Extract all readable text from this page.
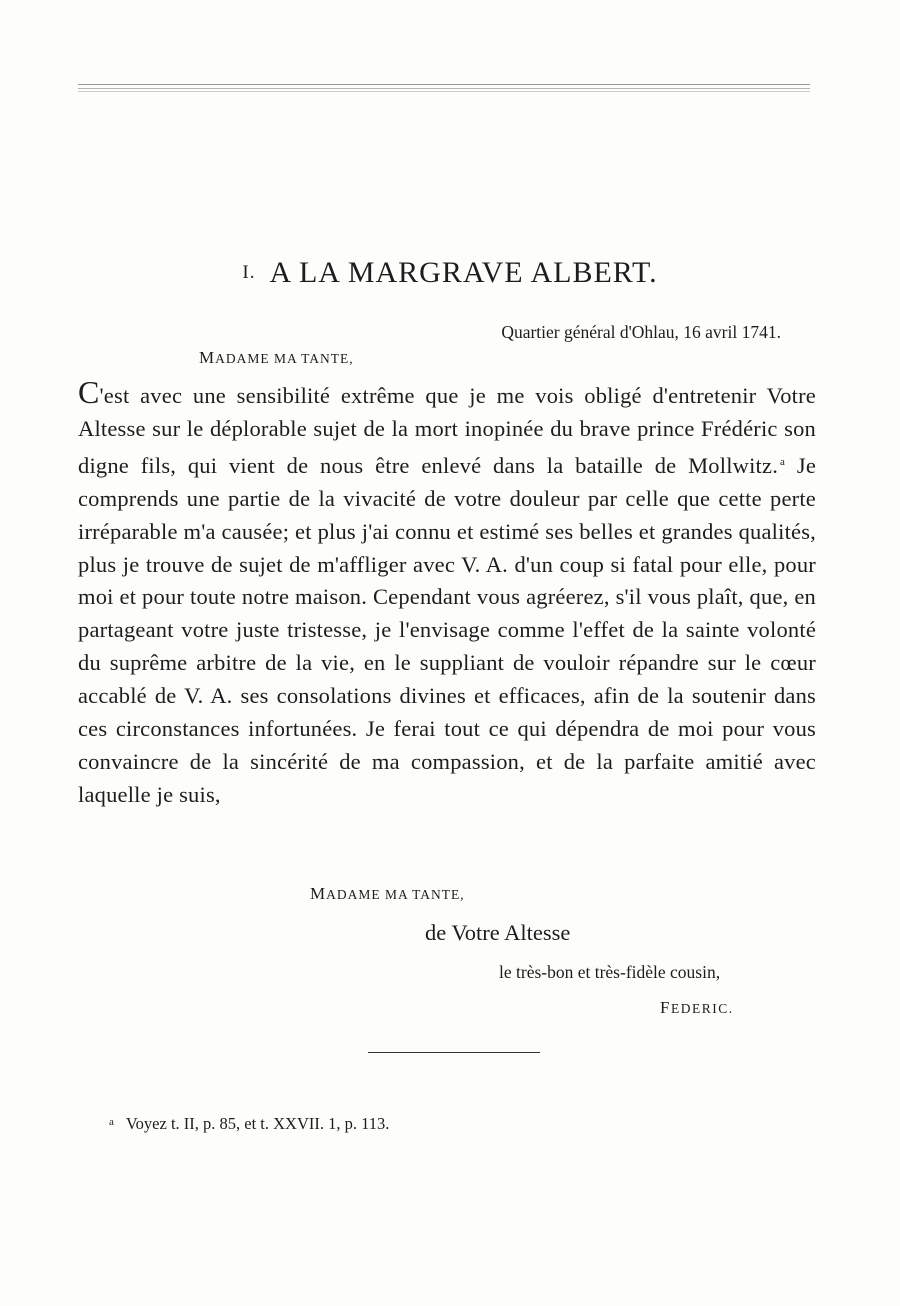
I. A LA MARGRAVE ALBERT.
Quartier général d'Ohlau, 16 avril 1741.
MADAME MA TANTE,
C'est avec une sensibilité extrême que je me vois obligé d'entretenir Votre Altesse sur le déplorable sujet de la mort inopinée du brave prince Frédéric son digne fils, qui vient de nous être enlevé dans la bataille de Mollwitz. $^a$ Je comprends une partie de la vivacité de votre douleur par celle que cette perte irréparable m'a causée; et plus j'ai connu et estimé ses belles et grandes qualités, plus je trouve de sujet de m'affliger avec V. A. d'un coup si fatal pour elle, pour moi et pour toute notre maison. Cependant vous agréerez, s'il vous plaît, que, en partageant votre juste tristesse, je l'envisage comme l'effet de la sainte volonté du suprême arbitre de la vie, en le suppliant de vouloir répandre sur le cœur accablé de V. A. ses consolations divines et efficaces, afin de la soutenir dans ces circonstances infortunées. Je ferai tout ce qui dépendra de moi pour vous convaincre de la sincérité de ma compassion, et de la parfaite amitié avec laquelle je suis,
MADAME MA TANTE,
de Votre Altesse
le très-bon et très-fidèle cousin,
FEDERIC.
$^a$ Voyez t. II, p. 85, et t. XXVII. 1, p. 113.
